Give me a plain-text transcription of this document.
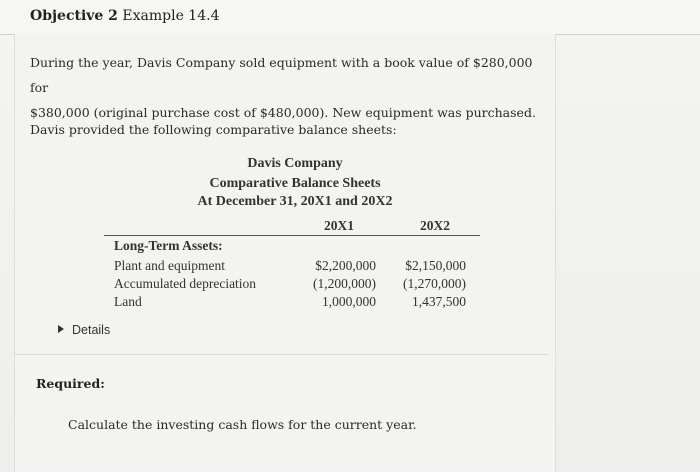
Objective 2 Example 14.4
During the year, Davis Company sold equipment with a book value of $280,000 for
$380,000 (original purchase cost of $480,000). New equipment was purchased.
Davis provided the following comparative balance sheets:
Davis Company
Comparative Balance Sheets
At December 31, 20X1 and 20X2
20X1	20X2
Long-Term Assets:
Plant and equipment	$2,200,000	$2,150,000
Accumulated depreciation	(1,200,000)	(1,270,000)
Land	1,000,000	1,437,500
Details
Required:
Calculate the investing cash flows for the current year.
